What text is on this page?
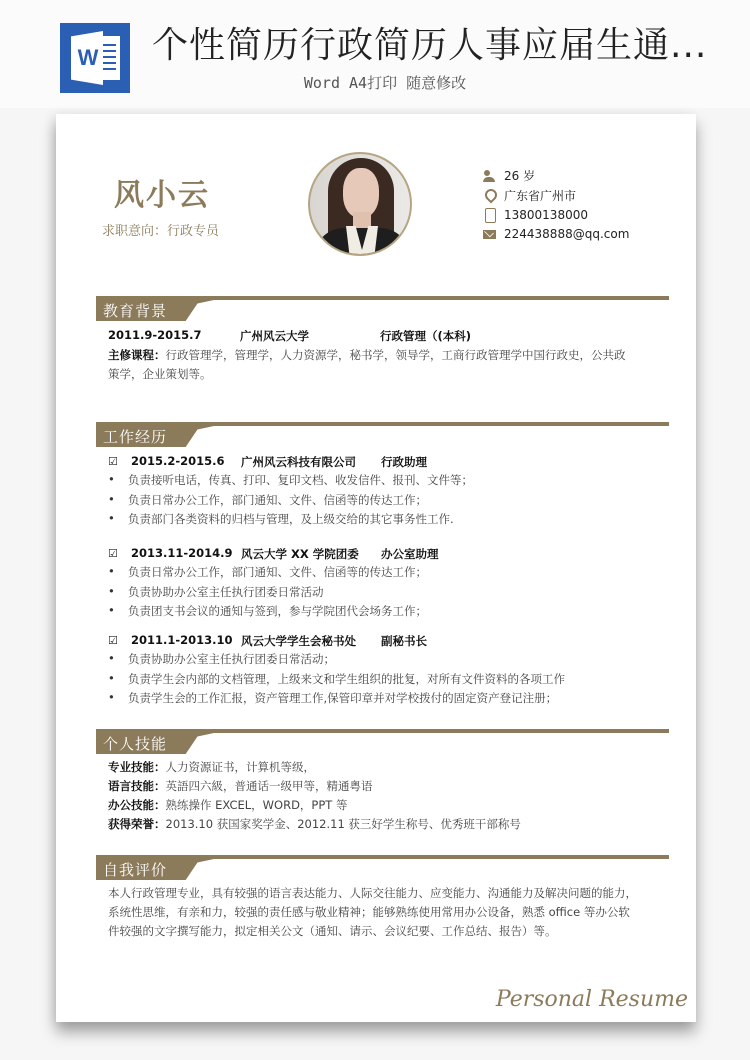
W 个性简历行政简历人事应届生通...
Word A4打印 随意修改
风小云
求职意向：行政专员
26 岁
广东省广州市
13800138000
224438888@qq.com
教育背景
2011.9-2015.7	广州风云大学	行政管理（(本科)
主修课程：行政管理学，管理学，人力资源学，秘书学，领导学，工商行政管理学中国行政史，公共政策学，企业策划等。
工作经历
☑ 2015.2-2015.6 广州风云科技有限公司 行政助理
• 负责接听电话，传真、打印、复印文档、收发信件、报刊、文件等；
• 负责日常办公工作，部门通知、文件、信函等的传达工作；
• 负责部门各类资料的归档与管理，及上级交给的其它事务性工作.
☑ 2013.11-2014.9 风云大学 XX 学院团委 办公室助理
• 负责日常办公工作，部门通知、文件、信函等的传达工作；
• 负责协助办公室主任执行团委日常活动
• 负责团支书会议的通知与签到，参与学院团代会场务工作；
☑ 2011.1-2013.10 风云大学学生会秘书处 副秘书长
• 负责协助办公室主任执行团委日常活动；
• 负责学生会内部的文档管理，上级来文和学生组织的批复，对所有文件资料的各项工作
• 负责学生会的工作汇报，资产管理工作,保管印章并对学校拨付的固定资产登记注册；
个人技能
专业技能：人力资源证书，计算机等级，
语言技能：英語四六級，普通话一级甲等，精通粤语
办公技能：熟练操作 EXCEL，WORD，PPT 等
获得荣誉：2013.10 获国家奖学金、2012.11 获三好学生称号、优秀班干部称号
自我评价
本人行政管理专业，具有较强的语言表达能力、人际交往能力、应变能力、沟通能力及解决问题的能力，
系统性思维，有亲和力，较强的责任感与敬业精神；能够熟练使用常用办公设备，熟悉 office 等办公软
件较强的文字撰写能力，拟定相关公文（通知、请示、会议纪要、工作总结、报告）等。
Personal Resume
